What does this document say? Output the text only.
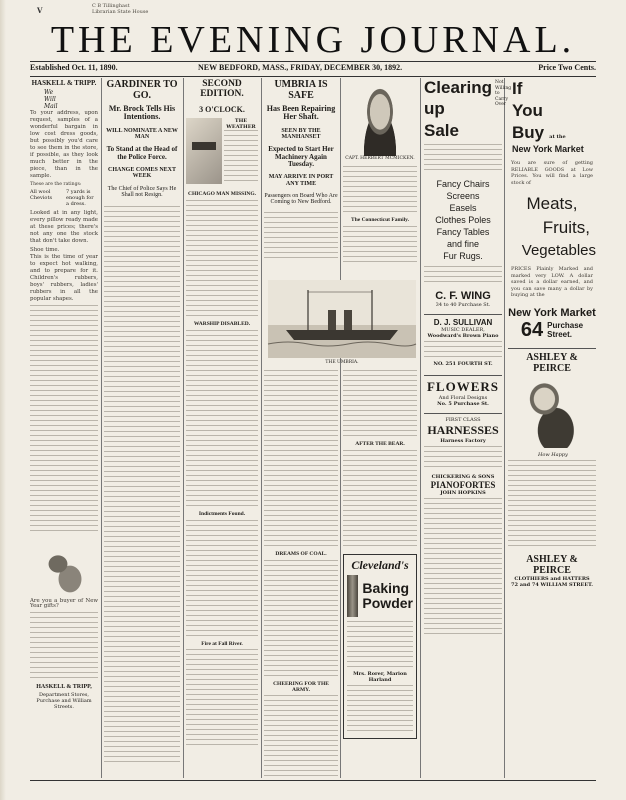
V	C B Tillinghast
Librarian State House
THE EVENING JOURNAL.
Established Oct. 11, 1890.	NEW BEDFORD, MASS., FRIDAY, DECEMBER 30, 1892.	Price Two Cents.
HASKELL & TRIPP.
We
Will
Mail
To your address, upon request, samples of a wonderful bargain in low cost dress goods, but possibly you'd care to see them in the store, if possible, as they look much better in the piece, than in the sample.
These are the ratings:
All wool Cheviots
7 yards is enough for a dress.
Looked at in any light, every pillow ready made at these prices; there's not any one the stock that don't take down.
Shoe time.
This is the time of year to expect hot walking, and to prepare for it. Children's rubbers, boys' rubbers, ladies' rubbers in all the popular shapes.
Are you a buyer of New Year gifts?
HASKELL & TRIPP,
Department Stores,
Purchase and William Streets.
GARDINER TO GO.
Mr. Brock Tells His Intentions.
WILL NOMINATE A NEW MAN
To Stand at the Head of the Police Force.
CHANGE COMES NEXT WEEK
The Chief of Police Says He Shall not Resign.
SECOND EDITION.
3 O'CLOCK.
THE WEATHER
CHICAGO MAN MISSING.
WARSHIP DISABLED.
Indictments Found.
Fire at Fall River.
UMBRIA IS SAFE
Has Been Repairing Her Shaft.
SEEN BY THE MANHANSET
Expected to Start Her Machinery Again Tuesday.
MAY ARRIVE IN PORT ANY TIME
Passengers on Board Who Are Coming to New Bedford.
THE UMBRIA.
DREAMS OF COAL.
CHEERING FOR THE ARMY.
CAPT. HERBERT MCMICKEN.
The Connecticut Family.
AFTER THE BEAR.
Cleveland's
Baking
Powder
Mrs. Rorer, Marion Harland
Clearing
up
Sale
Not Willing to Carry Over
Fancy Chairs
Screens
Easels
Clothes Poles
Fancy Tables
and fine
Fur Rugs.
C. F. WING
34 to 40 Purchase St.
D. J. SULLIVAN
MUSIC DEALER,
Woodward's Brown Piano
NO. 251 FOURTH ST.
FLOWERS
And Floral Designs
No. 5 Purchase St.
FIRST CLASS
HARNESSES
Harness Factory
CHICKERING & SONS
PIANOFORTES
JOHN HOPKINS
If
You
Buy at the
New York Market
You are sure of getting RELIABLE GOODS at Low Prices. You will find a large stock of
Meats,
Fruits,
Vegetables
PRICES Plainly Marked and marked very LOW. A dollar saved is a dollar earned, and you can save many a dollar by buying at the
New York Market
64 Purchase
Street.
ASHLEY & PEIRCE
How Happy
ASHLEY & PEIRCE
CLOTHIERS and HATTERS
72 and 74 WILLIAM STREET.
